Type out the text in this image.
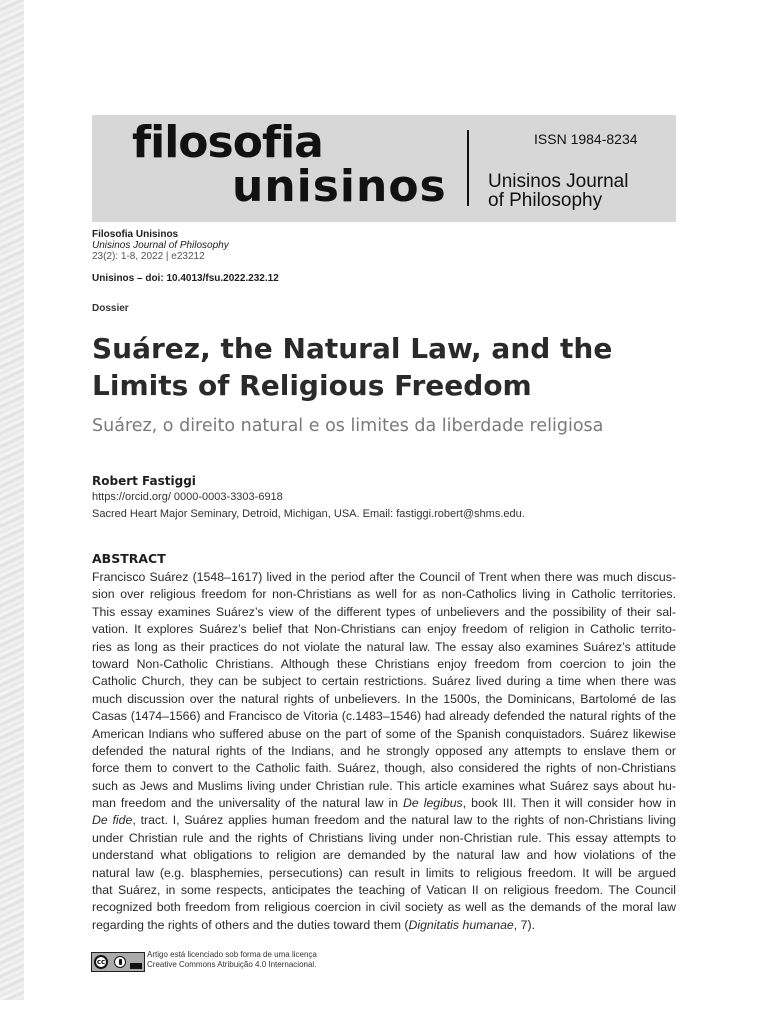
filosofia
unisinos
ISSN 1984-8234
Unisinos Journal
of Philosophy
Filosofia Unisinos
Unisinos Journal of Philosophy
23(2): 1-8, 2022 | e23212
Unisinos – doi: 10.4013/fsu.2022.232.12
Dossier
Suárez, the Natural Law, and the
Limits of Religious Freedom
Suárez, o direito natural e os limites da liberdade religiosa
Robert Fastiggi
https://orcid.org/ 0000-0003-3303-6918
Sacred Heart Major Seminary, Detroid, Michigan, USA. Email: fastiggi.robert@shms.edu.
ABSTRACT
Francisco Suárez (1548–1617) lived in the period after the Council of Trent when there was much discus-
sion over religious freedom for non-Christians as well for as non-Catholics living in Catholic territories.
This essay examines Suárez’s view of the different types of unbelievers and the possibility of their sal-
vation. It explores Suárez’s belief that Non-Christians can enjoy freedom of religion in Catholic territo-
ries as long as their practices do not violate the natural law. The essay also examines Suárez’s attitude
toward Non-Catholic Christians. Although these Christians enjoy freedom from coercion to join the
Catholic Church, they can be subject to certain restrictions. Suárez lived during a time when there was
much discussion over the natural rights of unbelievers. In the 1500s, the Dominicans, Bartolomé de las
Casas (1474–1566) and Francisco de Vitoria (c.1483–1546) had already defended the natural rights of the
American Indians who suffered abuse on the part of some of the Spanish conquistadors. Suárez likewise
defended the natural rights of the Indians, and he strongly opposed any attempts to enslave them or
force them to convert to the Catholic faith. Suárez, though, also considered the rights of non-Christians
such as Jews and Muslims living under Christian rule. This article examines what Suárez says about hu-
man freedom and the universality of the natural law in De legibus, book III. Then it will consider how in
De fide, tract. I, Suárez applies human freedom and the natural law to the rights of non-Christians living
under Christian rule and the rights of Christians living under non-Christian rule. This essay attempts to
understand what obligations to religion are demanded by the natural law and how violations of the
natural law (e.g. blasphemies, persecutions) can result in limits to religious freedom. It will be argued
that Suárez, in some respects, anticipates the teaching of Vatican II on religious freedom. The Council
recognized both freedom from religious coercion in civil society as well as the demands of the moral law
regarding the rights of others and the duties toward them (Dignitatis humanae, 7).
cc
Artigo está licenciado sob forma de uma licença
Creative Commons Atribuição 4.0 Internacional.
